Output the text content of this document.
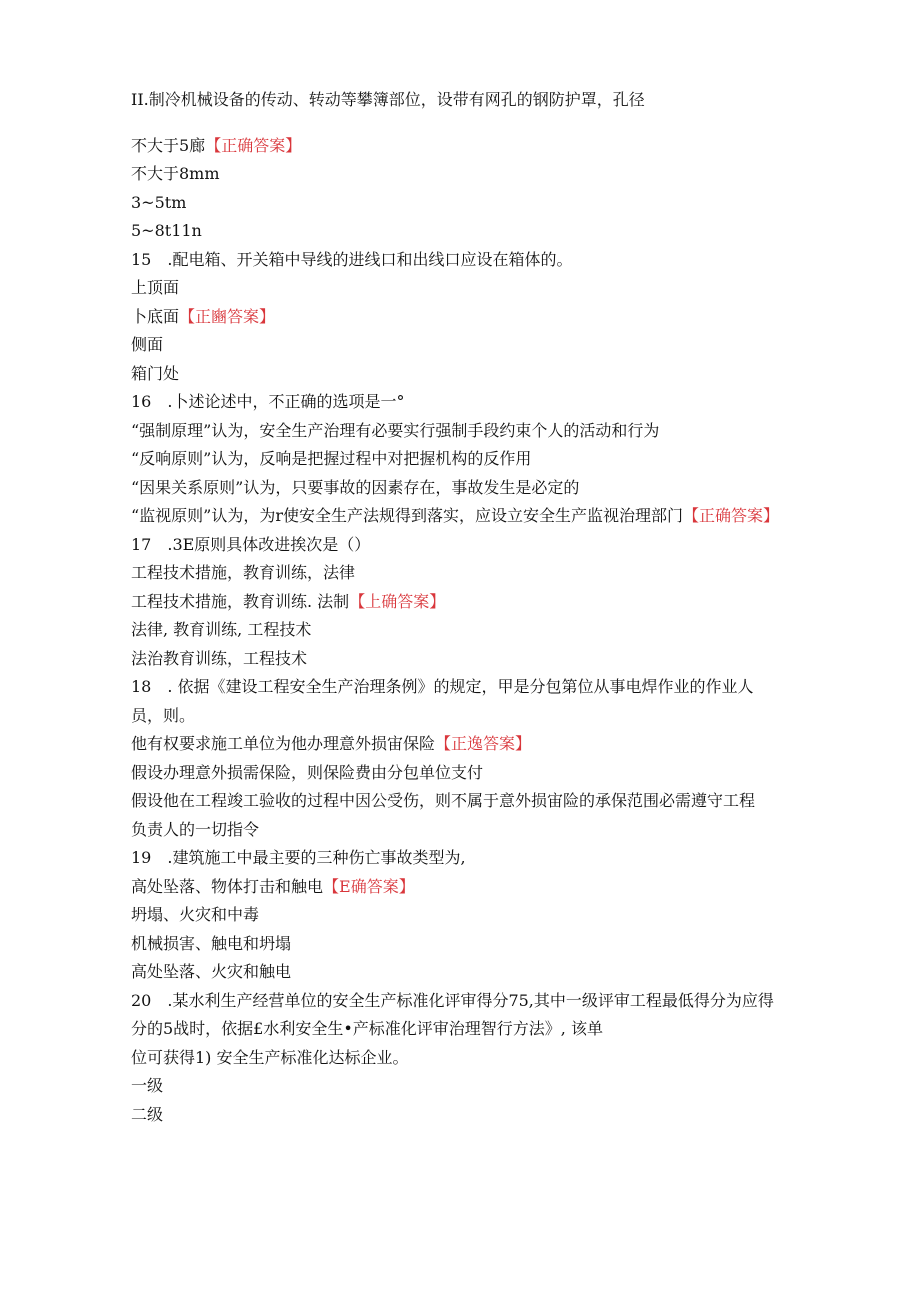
II.制冷机械设备的传动、转动等攀簿部位，设带有网孔的钢防护罩，孔径
不大于5廊【正确答案】
不大于8mm
3~5tm
5~8t11n
15　.配电箱、开关箱中导线的进线口和出线口应设在箱体的。
上顶面
卜底面【正豳答案】
侧面
箱门处
16　.卜述论述中，不正确的选项是一°
“强制原理”认为，安全生产治理有必要实行强制手段约束个人的活动和行为
“反响原则”认为，反响是把握过程中对把握机构的反作用
“因果关系原则”认为，只要事故的因素存在，事故发生是必定的
“监视原则”认为，为r使安全生产法规得到落实，应设立安全生产监视治理部门【正确答案】
17　.3E原则具体改进挨次是（）
工程技术措施，教育训练，法律
工程技术措施，教育训练. 法制【上确答案】
法律, 教育训练, 工程技术
法治教育训练，工程技术
18　. 依据《建设工程安全生产治理条例》的规定，甲是分包第位从事电焊作业的作业人
员，则。
他有权要求施工单位为他办理意外损宙保险【正逸答案】
假设办理意外损需保险，则保险费由分包单位支付
假设他在工程竣工验收的过程中因公受伤，则不属于意外损宙险的承保范围必需遵守工程
负责人的一切指令
19　.建筑施工中最主要的三种伤亡事故类型为,
高处坠落、物体打击和触电【E确答案】
坍塌、火灾和中毒
机械损害、触电和坍塌
高处坠落、火灾和触电
20　.某水利生产经营单位的安全生产标准化评审得分75,其中一级评审工程最低得分为应得
分的5战时，依据£水利安全生•产标准化评审治理智行方法》, 该单
位可获得1) 安全生产标准化达标企业。
一级
二级
